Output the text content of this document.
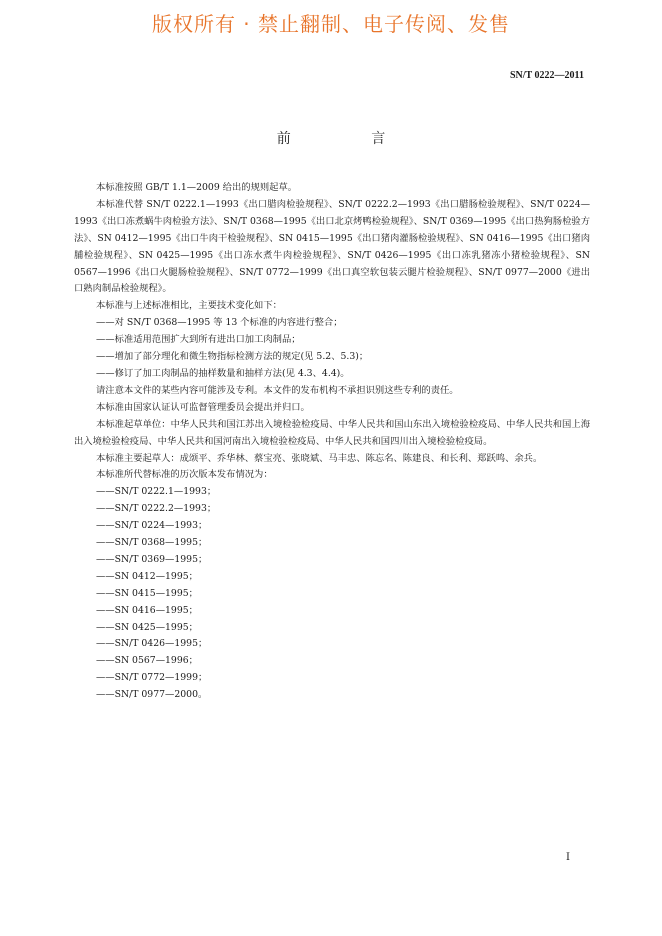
版权所有 · 禁止翻制、电子传阅、发售
SN/T 0222—2011
前 言

本标准按照 GB/T 1.1—2009 给出的规则起草。

本标准代替 SN/T 0222.1—1993《出口腊肉检验规程》、SN/T 0222.2—1993《出口腊肠检验规程》、SN/T 0224—1993《出口冻煮蜗牛肉检验方法》、SN/T 0368—1995《出口北京烤鸭检验规程》、SN/T 0369—1995《出口热狗肠检验方法》、SN 0412—1995《出口牛肉干检验规程》、SN 0415—1995《出口猪肉灌肠检验规程》、SN 0416—1995《出口猪肉脯检验规程》、SN 0425—1995《出口冻水煮牛肉检验规程》、SN/T 0426—1995《出口冻乳猪冻小猪检验规程》、SN 0567—1996《出口火腿肠检验规程》、SN/T 0772—1999《出口真空软包装云腿片检验规程》、SN/T 0977—2000《进出口熟肉制品检验规程》。

本标准与上述标准相比，主要技术变化如下：

——对 SN/T 0368—1995 等 13 个标准的内容进行整合；

——标准适用范围扩大到所有进出口加工肉制品；

——增加了部分理化和微生物指标检测方法的规定(见 5.2、5.3)；

——修订了加工肉制品的抽样数量和抽样方法(见 4.3、4.4)。

请注意本文件的某些内容可能涉及专利。本文件的发布机构不承担识别这些专利的责任。

本标准由国家认证认可监督管理委员会提出并归口。

本标准起草单位：中华人民共和国江苏出入境检验检疫局、中华人民共和国山东出入境检验检疫局、中华人民共和国上海出入境检验检疫局、中华人民共和国河南出入境检验检疫局、中华人民共和国四川出入境检验检疫局。

本标准主要起草人：成颂平、乔华林、蔡宝亮、张晓斌、马丰忠、陈忘名、陈建良、和长利、郑跃鸣、余兵。

本标准所代替标准的历次版本发布情况为：

——SN/T 0222.1—1993；

——SN/T 0222.2—1993；

——SN/T 0224—1993；

——SN/T 0368—1995；

——SN/T 0369—1995；

——SN 0412—1995；

——SN 0415—1995；

——SN 0416—1995；

——SN 0425—1995；

——SN/T 0426—1995；

——SN 0567—1996；

——SN/T 0772—1999；

——SN/T 0977—2000。

I
